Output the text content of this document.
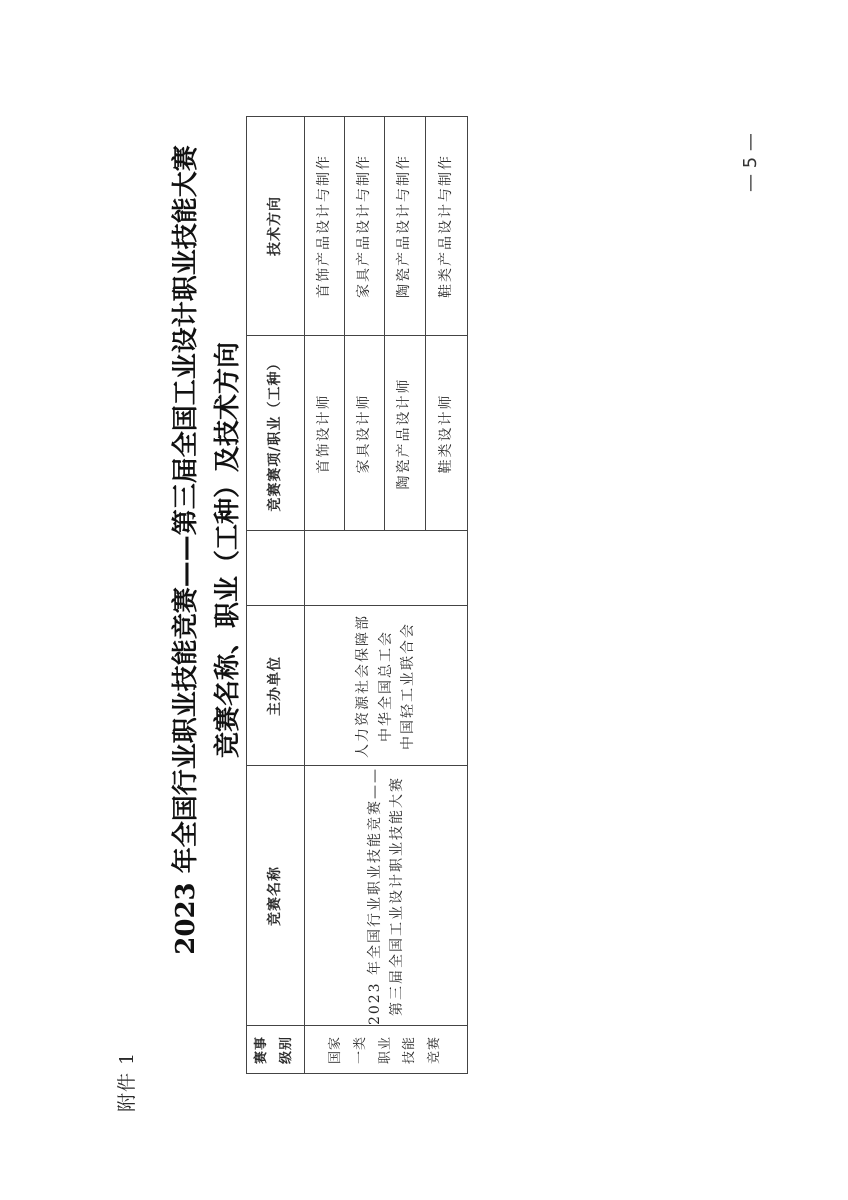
附件 1
2023 年全国行业职业技能竞赛——第三届全国工业设计职业技能大赛 竞赛名称、职业（工种）及技术方向
赛事 级别
竞赛名称
主办单位
竞赛赛项/职业（工种）
技术方向
国家 一类 职业 技能 竞赛
2023 年全国行业职业技能竞赛—— 第三届全国工业设计职业技能大赛
人力资源社会保障部 中华全国总工会 中国轻工业联合会
首饰设计师
首饰产品设计与制作
家具设计师
家具产品设计与制作
陶瓷产品设计师
陶瓷产品设计与制作
鞋类设计师
鞋类产品设计与制作	— 5 —
